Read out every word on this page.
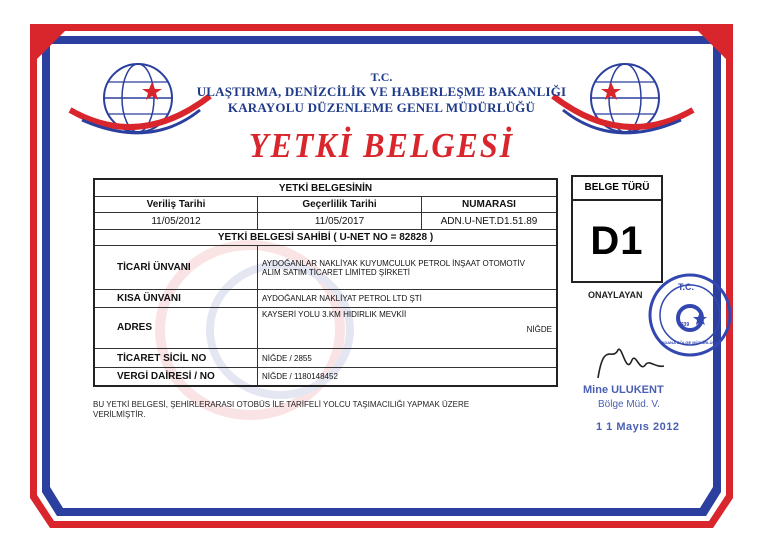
T.C.
ULAŞTIRMA, DENİZCİLİK VE HABERLEŞME BAKANLIĞI
KARAYOLU DÜZENLEME GENEL MÜDÜRLÜĞÜ
YETKİ BELGESİ
YETKİ BELGESİNİN		
Veriliş Tarihi	Geçerlilik Tarihi	NUMARASI
11/05/2012	11/05/2017	ADN.U-NET.D1.51.89
YETKİ BELGESİ SAHİBİ ( U-NET NO = 82828 )		
TİCARİ ÜNVANI	AYDOĞANLAR NAKLİYAK KUYUMCULUK PETROL İNŞAAT OTOMOTİV
ALIM SATIM TİCARET LİMİTED ŞİRKETİ	

KISA ÜNVANI	AYDOĞANLAR NAKLİYAT PETROL LTD ŞTİ	
ADRES	KAYSERİ YOLU 3.KM HIDIRLIK MEVKİİ
NİĞDE	

TİCARET SİCİL NO	NİĞDE / 2855	
VERGİ DAİRESİ / NO	NİĞDE / 1180148452	
BELGE TÜRÜ
D1
ONAYLAYAN
T.C.
1939
ADANA BÖLGE MÜDÜRLÜĞÜ
Mine ULUKENT
Bölge Müd. V.
1 1 Mayıs 2012
BU YETKİ BELGESİ, ŞEHİRLERARASI OTOBÜS İLE TARİFELİ YOLCU TAŞIMACILIĞI YAPMAK ÜZERE
VERİLMİŞTİR.
